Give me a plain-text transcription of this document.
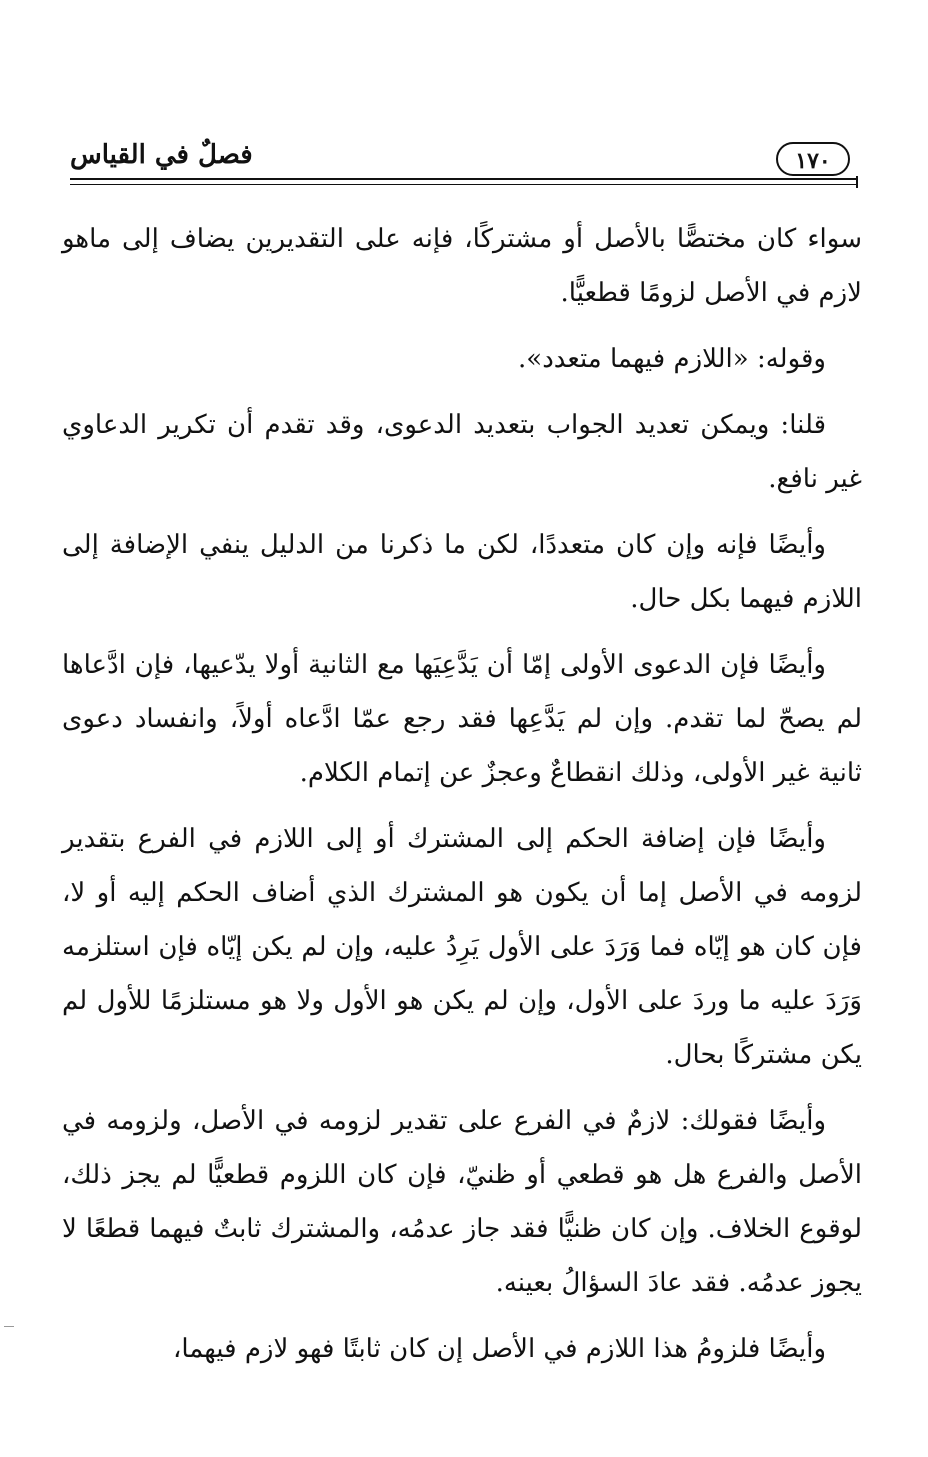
فصلٌ في القياس	١٧٠

سواء كان مختصًّا بالأصل أو مشتركًا، فإنه على التقديرين يضاف إلى ماهو لازم في الأصل لزومًا قطعيًّا.

وقوله: «اللازم فيهما متعدد».

قلنا: ويمكن تعديد الجواب بتعديد الدعوى، وقد تقدم أن تكرير الدعاوي غير نافع.

وأيضًا فإنه وإن كان متعددًا، لكن ما ذكرنا من الدليل ينفي الإضافة إلى اللازم فيهما بكل حال.

وأيضًا فإن الدعوى الأولى إمّا أن يَدَّعِيَها مع الثانية أولا يدّعيها، فإن ادَّعاها لم يصحّ لما تقدم. وإن لم يَدَّعِها فقد رجع عمّا ادَّعاه أولاً، وانفساد دعوى ثانية غير الأولى، وذلك انقطاعٌ وعجزٌ عن إتمام الكلام.

وأيضًا فإن إضافة الحكم إلى المشترك أو إلى اللازم في الفرع بتقدير لزومه في الأصل إما أن يكون هو المشترك الذي أضاف الحكم إليه أو لا، فإن كان هو إيّاه فما وَرَدَ على الأول يَرِدُ عليه، وإن لم يكن إيّاه فإن استلزمه وَرَدَ عليه ما وردَ على الأول، وإن لم يكن هو الأول ولا هو مستلزمًا للأول لم يكن مشتركًا بحال.

وأيضًا فقولك: لازمٌ في الفرع على تقدير لزومه في الأصل، ولزومه في الأصل والفرع هل هو قطعي أو ظنيّ، فإن كان اللزوم قطعيًّا لم يجز ذلك، لوقوع الخلاف. وإن كان ظنيًّا فقد جاز عدمُه، والمشترك ثابتٌ فيهما قطعًا لا يجوز عدمُه. فقد عادَ السؤالُ بعينه.

وأيضًا فلزومُ هذا اللازم في الأصل إن كان ثابتًا فهو لازم فيهما،
